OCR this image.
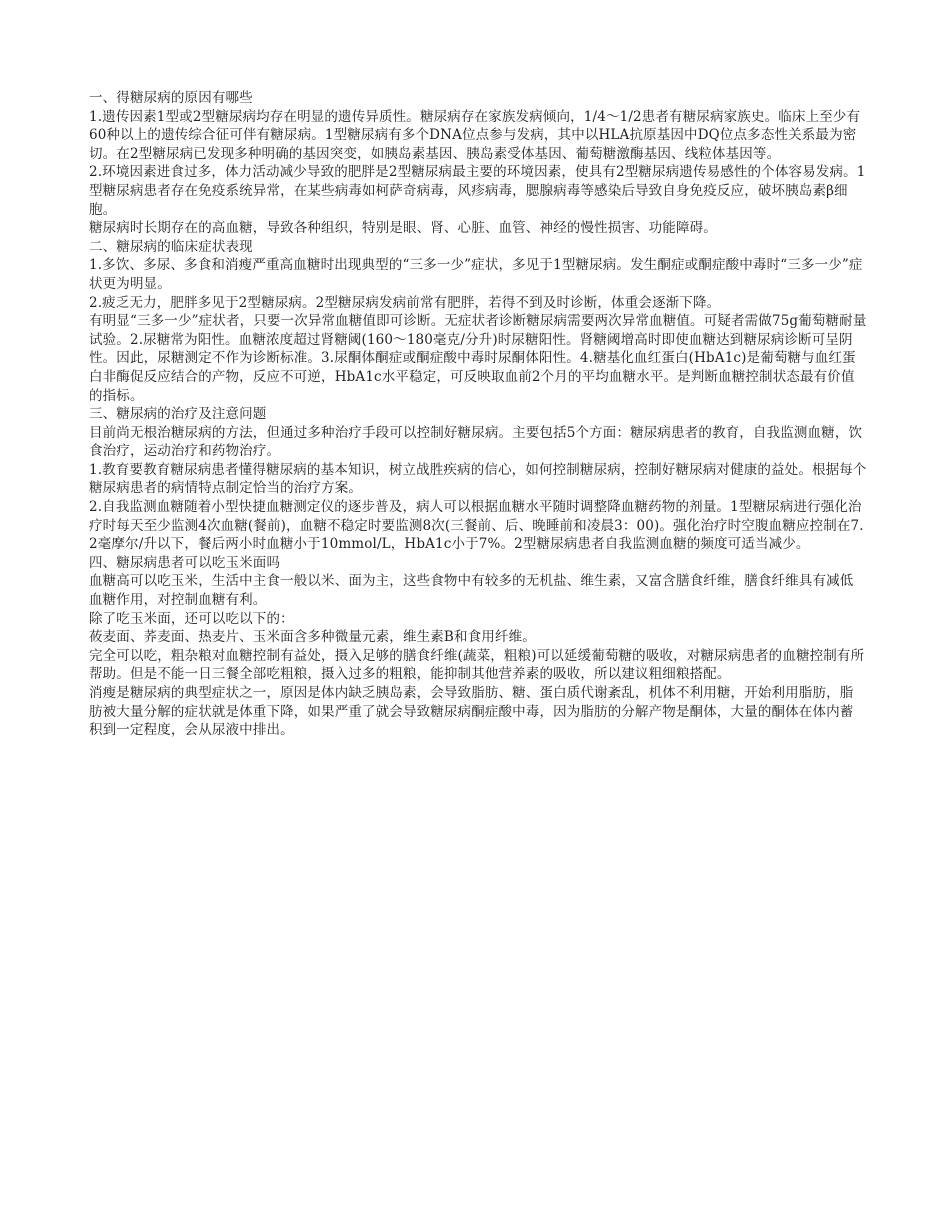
一、得糖尿病的原因有哪些

1.遗传因素1型或2型糖尿病均存在明显的遗传异质性。糖尿病存在家族发病倾向，1/4～1/2患者有糖尿病家族史。临床上至少有60种以上的遗传综合征可伴有糖尿病。1型糖尿病有多个DNA位点参与发病，其中以HLA抗原基因中DQ位点多态性关系最为密切。在2型糖尿病已发现多种明确的基因突变，如胰岛素基因、胰岛素受体基因、葡萄糖激酶基因、线粒体基因等。

2.环境因素进食过多，体力活动减少导致的肥胖是2型糖尿病最主要的环境因素，使具有2型糖尿病遗传易感性的个体容易发病。1型糖尿病患者存在免疫系统异常，在某些病毒如柯萨奇病毒，风疹病毒，腮腺病毒等感染后导致自身免疫反应，破坏胰岛素β细胞。

糖尿病时长期存在的高血糖，导致各种组织，特别是眼、肾、心脏、血管、神经的慢性损害、功能障碍。

二、糖尿病的临床症状表现

1.多饮、多尿、多食和消瘦严重高血糖时出现典型的“三多一少”症状，多见于1型糖尿病。发生酮症或酮症酸中毒时“三多一少”症状更为明显。

2.疲乏无力，肥胖多见于2型糖尿病。2型糖尿病发病前常有肥胖，若得不到及时诊断，体重会逐渐下降。

有明显“三多一少”症状者，只要一次异常血糖值即可诊断。无症状者诊断糖尿病需要两次异常血糖值。可疑者需做75g葡萄糖耐量试验。2.尿糖常为阳性。血糖浓度超过肾糖阈(160～180毫克/分升)时尿糖阳性。肾糖阈增高时即使血糖达到糖尿病诊断可呈阴性。因此，尿糖测定不作为诊断标准。3.尿酮体酮症或酮症酸中毒时尿酮体阳性。4.糖基化血红蛋白(HbA1c)是葡萄糖与血红蛋白非酶促反应结合的产物，反应不可逆，HbA1c水平稳定，可反映取血前2个月的平均血糖水平。是判断血糖控制状态最有价值的指标。

三、糖尿病的治疗及注意问题

目前尚无根治糖尿病的方法，但通过多种治疗手段可以控制好糖尿病。主要包括5个方面：糖尿病患者的教育，自我监测血糖，饮食治疗，运动治疗和药物治疗。

1.教育要教育糖尿病患者懂得糖尿病的基本知识，树立战胜疾病的信心，如何控制糖尿病，控制好糖尿病对健康的益处。根据每个糖尿病患者的病情特点制定恰当的治疗方案。

2.自我监测血糖随着小型快捷血糖测定仪的逐步普及，病人可以根据血糖水平随时调整降血糖药物的剂量。1型糖尿病进行强化治疗时每天至少监测4次血糖(餐前)，血糖不稳定时要监测8次(三餐前、后、晚睡前和凌晨3：00)。强化治疗时空腹血糖应控制在7.2毫摩尔/升以下，餐后两小时血糖小于10mmol/L，HbA1c小于7%。2型糖尿病患者自我监测血糖的频度可适当减少。

四、糖尿病患者可以吃玉米面吗

血糖高可以吃玉米，生活中主食一般以米、面为主，这些食物中有较多的无机盐、维生素，又富含膳食纤维，膳食纤维具有减低血糖作用，对控制血糖有利。

除了吃玉米面，还可以吃以下的：

莜麦面、荞麦面、热麦片、玉米面含多种微量元素，维生素B和食用纤维。

完全可以吃，粗杂粮对血糖控制有益处，摄入足够的膳食纤维(蔬菜，粗粮)可以延缓葡萄糖的吸收，对糖尿病患者的血糖控制有所帮助。但是不能一日三餐全部吃粗粮，摄入过多的粗粮，能抑制其他营养素的吸收，所以建议粗细粮搭配。

消瘦是糖尿病的典型症状之一，原因是体内缺乏胰岛素，会导致脂肪、糖、蛋白质代谢紊乱，机体不利用糖，开始利用脂肪，脂肪被大量分解的症状就是体重下降，如果严重了就会导致糖尿病酮症酸中毒，因为脂肪的分解产物是酮体，大量的酮体在体内蓄积到一定程度，会从尿液中排出。
